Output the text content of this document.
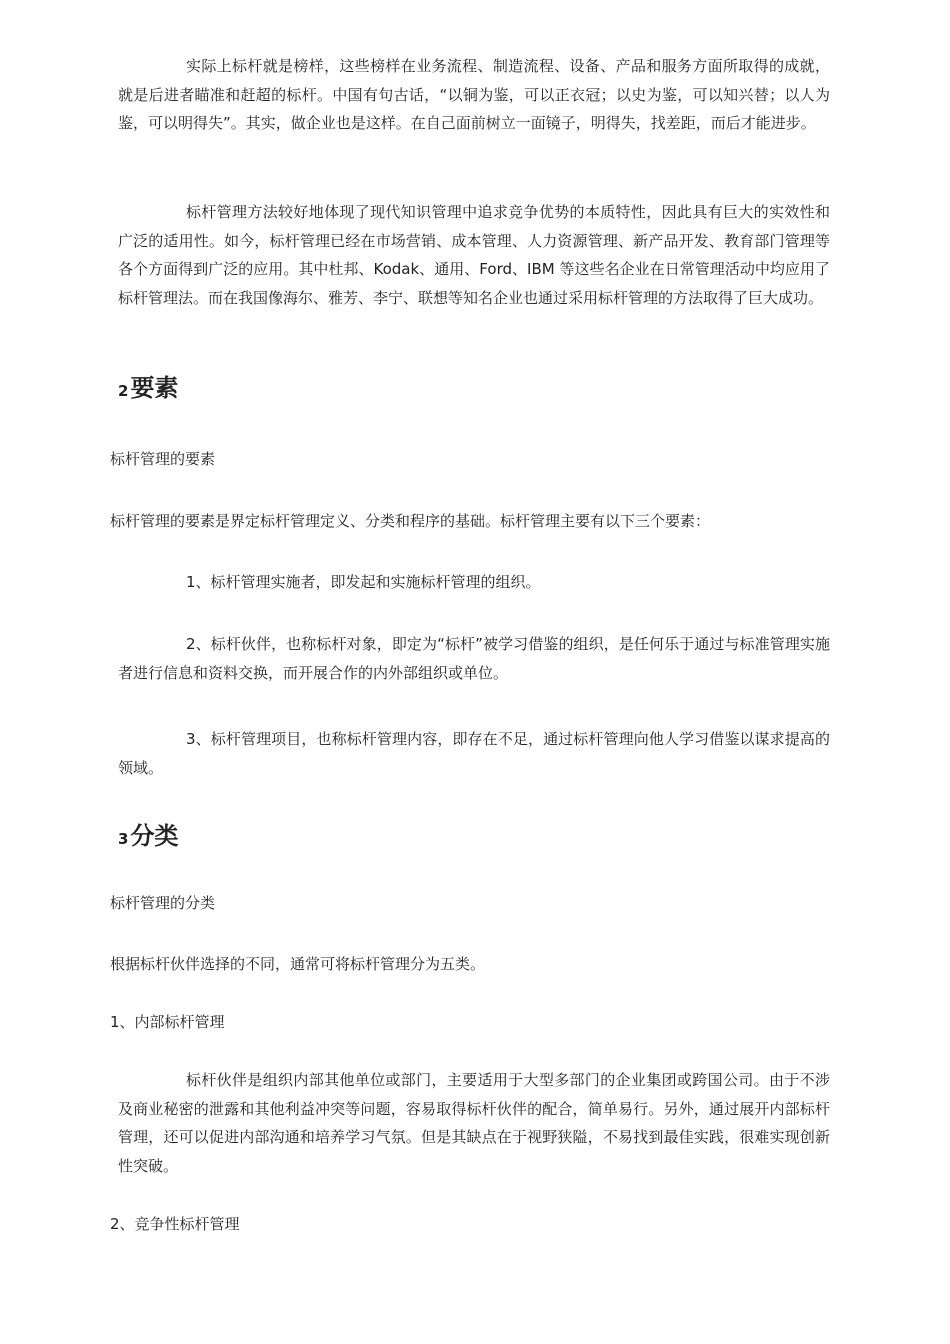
实际上标杆就是榜样，这些榜样在业务流程、制造流程、设备、产品和服务方面所取得的成就，就是后进者瞄准和赶超的标杆。中国有句古话，“以铜为鉴，可以正衣冠；以史为鉴，可以知兴替；以人为鉴，可以明得失”。其实，做企业也是这样。在自己面前树立一面镜子，明得失，找差距，而后才能进步。

标杆管理方法较好地体现了现代知识管理中追求竞争优势的本质特性，因此具有巨大的实效性和广泛的适用性。如今，标杆管理已经在市场营销、成本管理、人力资源管理、新产品开发、教育部门管理等各个方面得到广泛的应用。其中杜邦、Kodak、通用、Ford、IBM 等这些名企业在日常管理活动中均应用了标杆管理法。而在我国像海尔、雅芳、李宁、联想等知名企业也通过采用标杆管理的方法取得了巨大成功。

2要素

标杆管理的要素

标杆管理的要素是界定标杆管理定义、分类和程序的基础。标杆管理主要有以下三个要素：

1、标杆管理实施者，即发起和实施标杆管理的组织。

2、标杆伙伴，也称标杆对象，即定为“标杆”被学习借鉴的组织，是任何乐于通过与标准管理实施者进行信息和资料交换，而开展合作的内外部组织或单位。

3、标杆管理项目，也称标杆管理内容，即存在不足，通过标杆管理向他人学习借鉴以谋求提高的领域。

3分类

标杆管理的分类

根据标杆伙伴选择的不同，通常可将标杆管理分为五类。

1、内部标杆管理

标杆伙伴是组织内部其他单位或部门，主要适用于大型多部门的企业集团或跨国公司。由于不涉及商业秘密的泄露和其他利益冲突等问题，容易取得标杆伙伴的配合，简单易行。另外，通过展开内部标杆管理，还可以促进内部沟通和培养学习气氛。但是其缺点在于视野狭隘，不易找到最佳实践，很难实现创新性突破。

2、竞争性标杆管理
